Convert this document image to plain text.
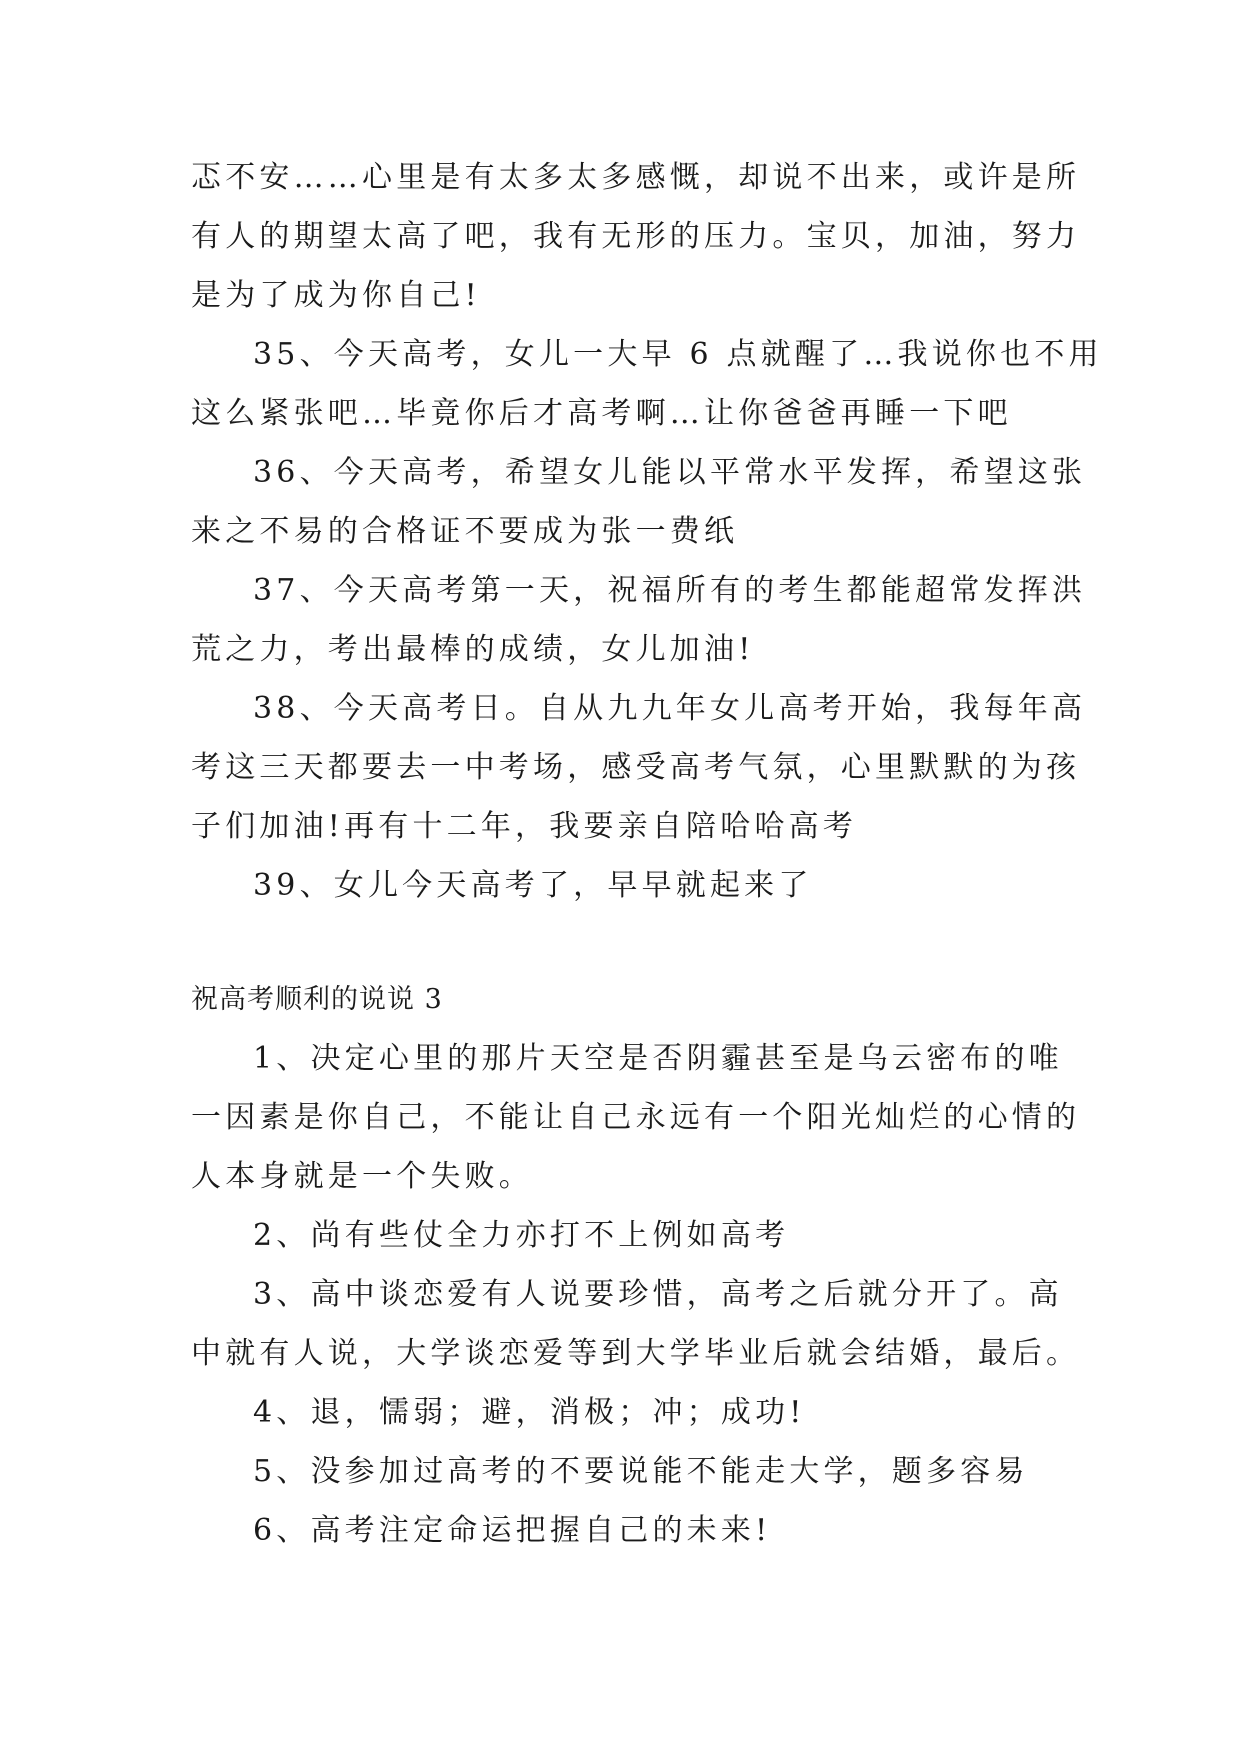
忑不安……心里是有太多太多感慨，却说不出来，或许是所
有人的期望太高了吧，我有无形的压力。宝贝，加油，努力
是为了成为你自己!
35、今天高考，女儿一大早 6 点就醒了…我说你也不用
这么紧张吧…毕竟你后才高考啊…让你爸爸再睡一下吧
36、今天高考，希望女儿能以平常水平发挥，希望这张
来之不易的合格证不要成为张一费纸
37、今天高考第一天，祝福所有的考生都能超常发挥洪
荒之力，考出最棒的成绩，女儿加油!
38、今天高考日。自从九九年女儿高考开始，我每年高
考这三天都要去一中考场，感受高考气氛，心里默默的为孩
子们加油!再有十二年，我要亲自陪哈哈高考
39、女儿今天高考了，早早就起来了
祝高考顺利的说说 3
1、决定心里的那片天空是否阴霾甚至是乌云密布的唯
一因素是你自己，不能让自己永远有一个阳光灿烂的心情的
人本身就是一个失败。
2、尚有些仗全力亦打不上例如高考
3、高中谈恋爱有人说要珍惜，高考之后就分开了。高
中就有人说，大学谈恋爱等到大学毕业后就会结婚，最后。
4、退，懦弱；避，消极；冲；成功!
5、没参加过高考的不要说能不能走大学，题多容易
6、高考注定命运把握自己的未来!
